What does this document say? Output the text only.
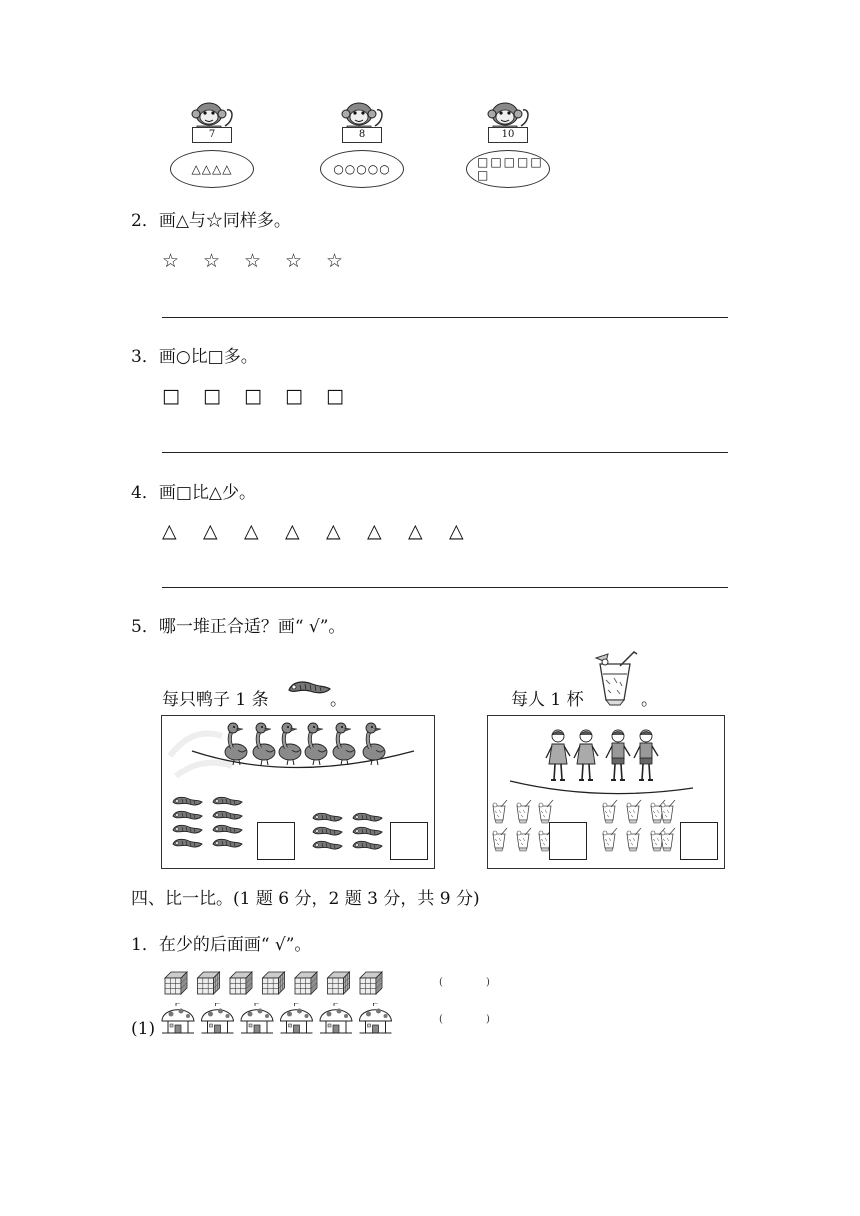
7
△△△△
8
○○○○○
10
□□□□□
□
2．画△与☆同样多。
☆ ☆ ☆ ☆ ☆
3．画○比□多。
□ □ □ □ □
4．画□比△少。
△ △ △ △ △ △ △ △
5．哪一堆正合适？画“ √”。
每只鸭子 1 条	。	每人 1 杯	。
四、比一比。(1 题 6 分，2 题 3 分，共 9 分)
1．在少的后面画“ √”。
(	)
(1)	(	)
